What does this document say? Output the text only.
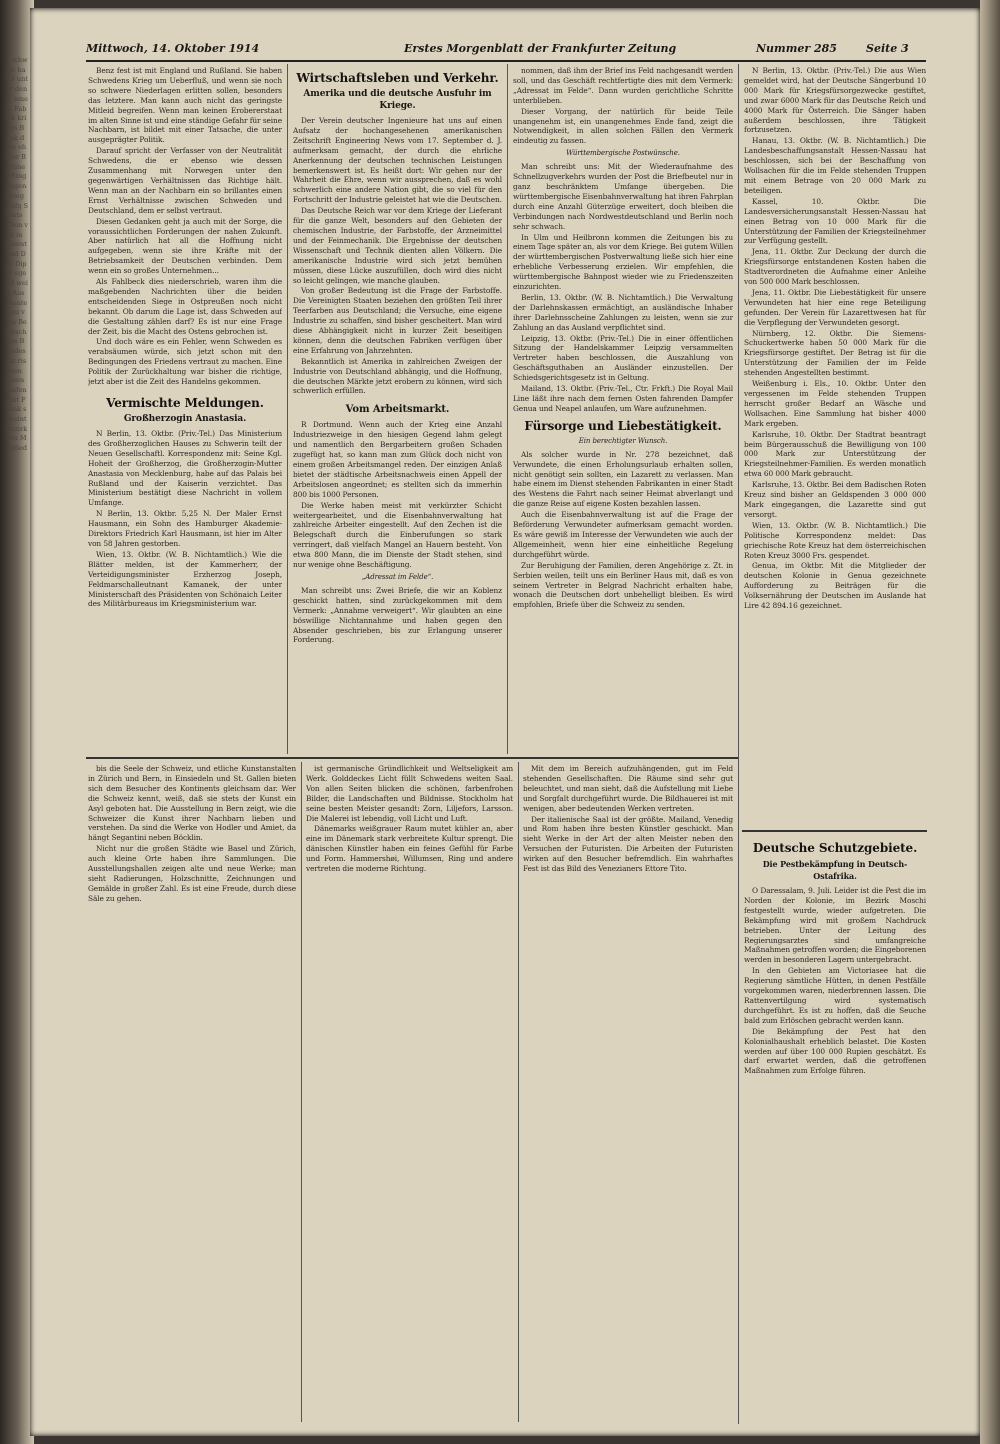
4 ichweiz hat d unter den a. ienen. Fabrik kriegs Bank dem ehmer Berliner Eingängen Krieg Aufg Staats aßen von in Eisent und Der Diplo ugend weiß Aus Staate Juni vom Bergisch das Bundesrat rischen Eisen laufen Zeit Frank scheint Bezirk von Mitglied
Mittwoch, 14. Oktober 1914	Erstes Morgenblatt der Frankfurter Zeitung	Nummer 285	Seite 3

Benz fest ist mit England und Rußland. Sie haben Schwedens Krieg um Ueberfluß, und wenn sie noch so schwere Niederlagen erlitten sollen, besonders das letztere. Man kann auch nicht das geringste Mitleid begreifen. Wenn man keinen Erobererstaat im alten Sinne ist und eine ständige Gefahr für seine Nachbarn, ist bildet mit einer Tatsache, die unter ausgeprägter Politik.

Darauf spricht der Verfasser von der Neutralität Schwedens, die er ebenso wie dessen Zusammenhang mit Norwegen unter den gegenwärtigen Verhältnissen das Richtige hält. Wenn man an der Nachbarn ein so brillantes einen Ernst Verhältnisse zwischen Schweden und Deutschland, dem er selbst vertraut.

Diesen Gedanken geht ja auch mit der Sorge, die voraussichtlichen Forderungen der nahen Zukunft. Aber natürlich hat all die Hoffnung nicht aufgegeben, wenn sie ihre Kräfte mit der Betriebsamkeit der Deutschen verbinden. Dem wenn ein so großes Unternehmen...

Als Fahlbeck dies niederschrieb, waren ihm die maßgebenden Nachrichten über die beiden entscheidenden Siege in Ostpreußen noch nicht bekannt. Ob darum die Lage ist, dass Schweden auf die Gestaltung zählen darf? Es ist nur eine Frage der Zeit, bis die Macht des Ostens gebrochen ist.

Und doch wäre es ein Fehler, wenn Schweden es verabsäumen würde, sich jetzt schon mit den Bedingungen des Friedens vertraut zu machen. Eine Politik der Zurückhaltung war bisher die richtige, jetzt aber ist die Zeit des Handelns gekommen.

Vermischte Meldungen.
Großherzogin Anastasia.

N Berlin, 13. Oktbr. (Priv.-Tel.) Das Ministerium des Großherzoglichen Hauses zu Schwerin teilt der Neuen Gesellschaftl. Korrespondenz mit: Seine Kgl. Hoheit der Großherzog, die Großherzogin-Mutter Anastasia von Mecklenburg, habe auf das Palais bei Rußland und der Kaiserin verzichtet. Das Ministerium bestätigt diese Nachricht in vollem Umfange.

N Berlin, 13. Oktbr. 5,25 N. Der Maler Ernst Hausmann, ein Sohn des Hamburger Akademie-Direktors Friedrich Karl Hausmann, ist hier im Alter von 58 Jahren gestorben.

Wien, 13. Oktbr. (W. B. Nichtamtlich.) Wie die Blätter melden, ist der Kammerherr, der Verteidigungsminister Erzherzog Joseph, Feldmarschalleutnant Kamanek, der unter Ministerschaft des Präsidenten von Schönaich Leiter des Militärbureaus im Kriegsministerium war.

Wirtschaftsleben und Verkehr.
Amerika und die deutsche Ausfuhr im Kriege.

Der Verein deutscher Ingenieure hat uns auf einen Aufsatz der hochangesehenen amerikanischen Zeitschrift Engineering News vom 17. September d. J. aufmerksam gemacht, der durch die ehrliche Anerkennung der deutschen technischen Leistungen bemerkenswert ist. Es heißt dort: Wir gehen nur der Wahrheit die Ehre, wenn wir aussprechen, daß es wohl schwerlich eine andere Nation gibt, die so viel für den Fortschritt der Industrie geleistet hat wie die Deutschen.

Das Deutsche Reich war vor dem Kriege der Lieferant für die ganze Welt, besonders auf den Gebieten der chemischen Industrie, der Farbstoffe, der Arzneimittel und der Feinmechanik. Die Ergebnisse der deutschen Wissenschaft und Technik dienten allen Völkern. Die amerikanische Industrie wird sich jetzt bemühen müssen, diese Lücke auszufüllen, doch wird dies nicht so leicht gelingen, wie manche glauben.

Von großer Bedeutung ist die Frage der Farbstoffe. Die Vereinigten Staaten beziehen den größten Teil ihrer Teerfarben aus Deutschland; die Versuche, eine eigene Industrie zu schaffen, sind bisher gescheitert. Man wird diese Abhängigkeit nicht in kurzer Zeit beseitigen können, denn die deutschen Fabriken verfügen über eine Erfahrung von Jahrzehnten.

Bekanntlich ist Amerika in zahlreichen Zweigen der Industrie von Deutschland abhängig, und die Hoffnung, die deutschen Märkte jetzt erobern zu können, wird sich schwerlich erfüllen.

Vom Arbeitsmarkt.

R Dortmund. Wenn auch der Krieg eine Anzahl Industriezweige in den hiesigen Gegend lahm gelegt und namentlich den Bergarbeitern großen Schaden zugefügt hat, so kann man zum Glück doch nicht von einem großen Arbeitsmangel reden. Der einzigen Anlaß bietet der städtische Arbeitsnachweis einen Appell der Arbeitslosen angeordnet; es stellten sich da immerhin 800 bis 1000 Personen.

Die Werke haben meist mit verkürzter Schicht weitergearbeitet, und die Eisenbahnverwaltung hat zahlreiche Arbeiter eingestellt. Auf den Zechen ist die Belegschaft durch die Einberufungen so stark verringert, daß vielfach Mangel an Hauern besteht. Von etwa 800 Mann, die im Dienste der Stadt stehen, sind nur wenige ohne Beschäftigung.

„Adressat im Felde“.

Man schreibt uns: Zwei Briefe, die wir an Koblenz geschickt hatten, sind zurückgekommen mit dem Vermerk: „Annahme verweigert“. Wir glaubten an eine böswillige Nichtannahme und haben gegen den Absender geschrieben, bis zur Erlangung unserer Forderung.

nommen, daß ihm der Brief ins Feld nachgesandt werden soll, und das Geschäft rechtfertigte dies mit dem Vermerk: „Adressat im Felde“. Dann wurden gerichtliche Schritte unterblieben.

Dieser Vorgang, der natürlich für beide Teile unangenehm ist, ein unangenehmes Ende fand, zeigt die Notwendigkeit, in allen solchen Fällen den Vermerk eindeutig zu fassen.

Württembergische Postwünsche.

Man schreibt uns: Mit der Wiederaufnahme des Schnellzugverkehrs wurden der Post die Briefbeutel nur in ganz beschränktem Umfange übergeben. Die württembergische Eisenbahnverwaltung hat ihren Fahrplan durch eine Anzahl Güterzüge erweitert, doch bleiben die Verbindungen nach Nordwestdeutschland und Berlin noch sehr schwach.

In Ulm und Heilbronn kommen die Zeitungen bis zu einem Tage später an, als vor dem Kriege. Bei gutem Willen der württembergischen Postverwaltung ließe sich hier eine erhebliche Verbesserung erzielen. Wir empfehlen, die württembergische Bahnpost wieder wie zu Friedenszeiten einzurichten.

Berlin, 13. Oktbr. (W. B. Nichtamtlich.) Die Verwaltung der Darlehnskassen ermächtigt, an ausländische Inhaber ihrer Darlehnsscheine Zahlungen zu leisten, wenn sie zur Zahlung an das Ausland verpflichtet sind.

Leipzig, 13. Oktbr. (Priv.-Tel.) Die in einer öffentlichen Sitzung der Handelskammer Leipzig versammelten Vertreter haben beschlossen, die Auszahlung von Geschäftsguthaben an Ausländer einzustellen. Der Schiedsgerichtsgesetz ist in Geltung.

Mailand, 13. Oktbr. (Priv.-Tel., Ctr. Frkft.) Die Royal Mail Line läßt ihre nach dem fernen Osten fahrenden Dampfer Genua und Neapel anlaufen, um Ware aufzunehmen.

Fürsorge und Liebestätigkeit.
Ein berechtigter Wunsch.

Als solcher wurde in Nr. 278 bezeichnet, daß Verwundete, die einen Erholungsurlaub erhalten sollen, nicht genötigt sein sollten, ein Lazarett zu verlassen. Man habe einem im Dienst stehenden Fabrikanten in einer Stadt des Westens die Fahrt nach seiner Heimat abverlangt und die ganze Reise auf eigene Kosten bezahlen lassen.

Auch die Eisenbahnverwaltung ist auf die Frage der Beförderung Verwundeter aufmerksam gemacht worden. Es wäre gewiß im Interesse der Verwundeten wie auch der Allgemeinheit, wenn hier eine einheitliche Regelung durchgeführt würde.

Zur Beruhigung der Familien, deren Angehörige z. Zt. in Serbien weilen, teilt uns ein Berliner Haus mit, daß es von seinem Vertreter in Belgrad Nachricht erhalten habe, wonach die Deutschen dort unbehelligt bleiben. Es wird empfohlen, Briefe über die Schweiz zu senden.

N Berlin, 13. Oktbr. (Priv.-Tel.) Die aus Wien gemeldet wird, hat der Deutsche Sängerbund 10 000 Mark für Kriegsfürsorgezwecke gestiftet, und zwar 6000 Mark für das Deutsche Reich und 4000 Mark für Österreich. Die Sänger haben außerdem beschlossen, ihre Tätigkeit fortzusetzen.

Hanau, 13. Oktbr. (W. B. Nichtamtlich.) Die Landesbeschaffungsanstalt Hessen-Nassau hat beschlossen, sich bei der Beschaffung von Wollsachen für die im Felde stehenden Truppen mit einem Betrage von 20 000 Mark zu beteiligen.

Kassel, 10. Oktbr. Die Landesversicherungsanstalt Hessen-Nassau hat einen Betrag von 10 000 Mark für die Unterstützung der Familien der Kriegsteilnehmer zur Verfügung gestellt.

Jena, 11. Oktbr. Zur Deckung der durch die Kriegsfürsorge entstandenen Kosten haben die Stadtverordneten die Aufnahme einer Anleihe von 500 000 Mark beschlossen.

Jena, 11. Oktbr. Die Liebestätigkeit für unsere Verwundeten hat hier eine rege Beteiligung gefunden. Der Verein für Lazarettwesen hat für die Verpflegung der Verwundeten gesorgt.

Nürnberg, 12. Oktbr. Die Siemens-Schuckertwerke haben 50 000 Mark für die Kriegsfürsorge gestiftet. Der Betrag ist für die Unterstützung der Familien der im Felde stehenden Angestellten bestimmt.

Weißenburg i. Els., 10. Oktbr. Unter den vergessenen im Felde stehenden Truppen herrscht großer Bedarf an Wäsche und Wollsachen. Eine Sammlung hat bisher 4000 Mark ergeben.

Karlsruhe, 10. Oktbr. Der Stadtrat beantragt beim Bürgerausschuß die Bewilligung von 100 000 Mark zur Unterstützung der Kriegsteilnehmer-Familien. Es werden monatlich etwa 60 000 Mark gebraucht.

Karlsruhe, 13. Oktbr. Bei dem Badischen Roten Kreuz sind bisher an Geldspenden 3 000 000 Mark eingegangen, die Lazarette sind gut versorgt.

Wien, 13. Oktbr. (W. B. Nichtamtlich.) Die Politische Korrespondenz meldet: Das griechische Rote Kreuz hat dem österreichischen Roten Kreuz 3000 Frs. gespendet.

Genua, im Oktbr. Mit die Mitglieder der deutschen Kolonie in Genua gezeichnete Aufforderung zu Beiträgen für die Volksernährung der Deutschen im Auslande hat Lire 42 894.16 gezeichnet.

Deutsche Schutzgebiete.
Die Pestbekämpfung in Deutsch-Ostafrika.

O Daressalam, 9. Juli. Leider ist die Pest die im Norden der Kolonie, im Bezirk Moschi festgestellt wurde, wieder aufgetreten. Die Bekämpfung wird mit großem Nachdruck betrieben. Unter der Leitung des Regierungsarztes sind umfangreiche Maßnahmen getroffen worden; die Eingeborenen werden in besonderen Lagern untergebracht.

In den Gebieten am Victoriasee hat die Regierung sämtliche Hütten, in denen Pestfälle vorgekommen waren, niederbrennen lassen. Die Rattenvertilgung wird systematisch durchgeführt. Es ist zu hoffen, daß die Seuche bald zum Erlöschen gebracht werden kann.

Die Bekämpfung der Pest hat den Kolonialhaushalt erheblich belastet. Die Kosten werden auf über 100 000 Rupien geschätzt. Es darf erwartet werden, daß die getroffenen Maßnahmen zum Erfolge führen.

bis die Seele der Schweiz, und etliche Kunstanstalten in Zürich und Bern, in Einsiedeln und St. Gallen bieten sich dem Besucher des Kontinents gleichsam dar. Wer die Schweiz kennt, weiß, daß sie stets der Kunst ein Asyl geboten hat. Die Ausstellung in Bern zeigt, wie die Schweizer die Kunst ihrer Nachbarn lieben und verstehen. Da sind die Werke von Hodler und Amiet, da hängt Segantini neben Böcklin.

Nicht nur die großen Städte wie Basel und Zürich, auch kleine Orte haben ihre Sammlungen. Die Ausstellungshallen zeigen alte und neue Werke; man sieht Radierungen, Holzschnitte, Zeichnungen und Gemälde in großer Zahl. Es ist eine Freude, durch diese Säle zu gehen.

ist germanische Gründlichkeit und Weltseligkeit am Werk. Golddeckes Licht füllt Schwedens weiten Saal. Von allen Seiten blicken die schönen, farbenfrohen Bilder, die Landschaften und Bildnisse. Stockholm hat seine besten Meister gesandt: Zorn, Liljefors, Larsson. Die Malerei ist lebendig, voll Licht und Luft.

Dänemarks weißgrauer Raum mutet kühler an, aber eine im Dänemark stark verbreitete Kultur sprengt. Die dänischen Künstler haben ein feines Gefühl für Farbe und Form. Hammershøi, Willumsen, Ring und andere vertreten die moderne Richtung.

Mit dem im Bereich aufzuhängenden, gut im Feld stehenden Gesellschaften. Die Räume sind sehr gut beleuchtet, und man sieht, daß die Aufstellung mit Liebe und Sorgfalt durchgeführt wurde. Die Bildhauerei ist mit wenigen, aber bedeutenden Werken vertreten.

Der italienische Saal ist der größte. Mailand, Venedig und Rom haben ihre besten Künstler geschickt. Man sieht Werke in der Art der alten Meister neben den Versuchen der Futuristen. Die Arbeiten der Futuristen wirken auf den Besucher befremdlich. Ein wahrhaftes Fest ist das Bild des Venezianers Ettore Tito.
